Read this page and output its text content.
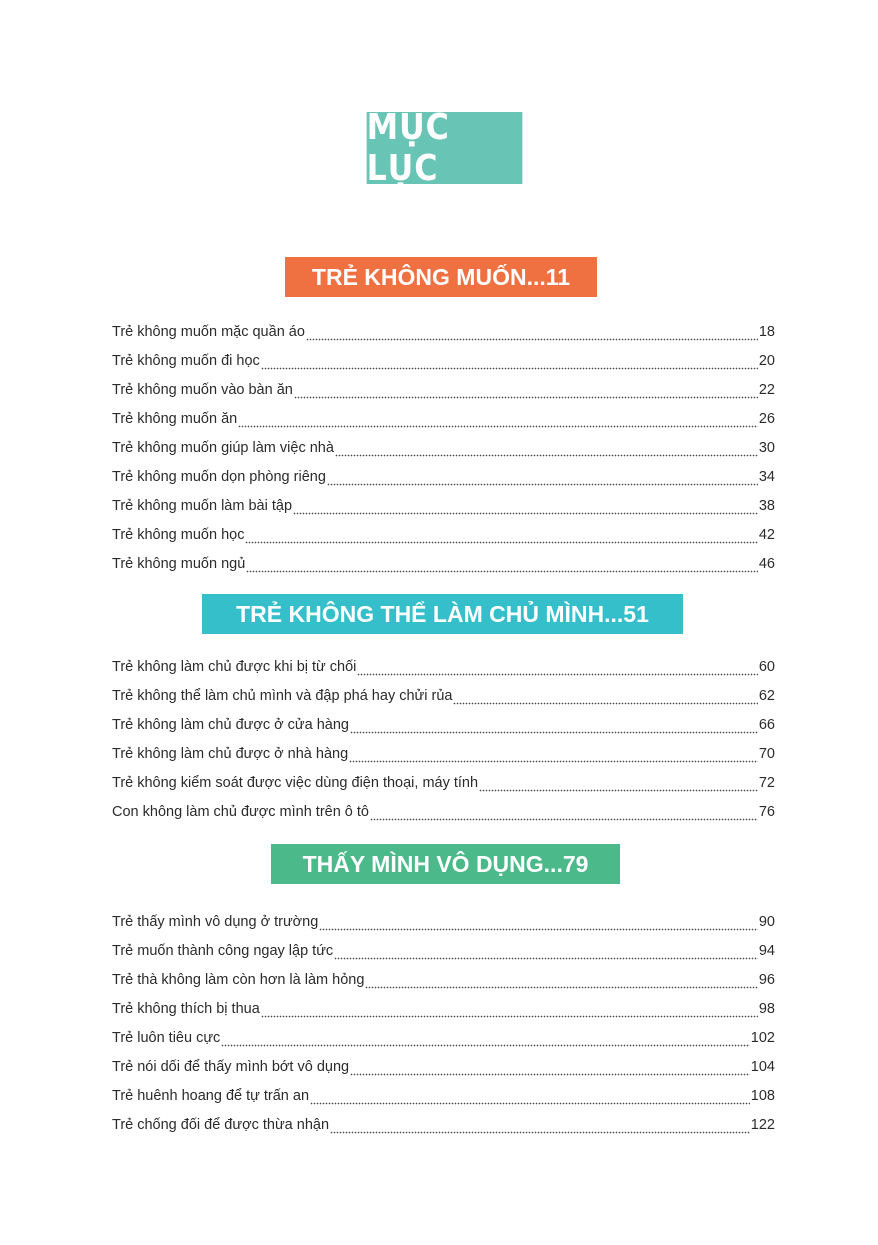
MỤC LỤC
TRẺ KHÔNG MUỐN...11
Trẻ không muốn mặc quần áo	18
Trẻ không muốn đi học	20
Trẻ không muốn vào bàn ăn	22
Trẻ không muốn ăn	26
Trẻ không muốn giúp làm việc nhà	30
Trẻ không muốn dọn phòng riêng	34
Trẻ không muốn làm bài tập	38
Trẻ không muốn học	42
Trẻ không muốn ngủ	46
TRẺ KHÔNG THỂ LÀM CHỦ MÌNH...51
Trẻ không làm chủ được khi bị từ chối	60
Trẻ không thể làm chủ mình và đập phá hay chửi rủa	62
Trẻ không làm chủ được ở cửa hàng	66
Trẻ không làm chủ được ở nhà hàng	70
Trẻ không kiểm soát được việc dùng điện thoại, máy tính	72
Con không làm chủ được mình trên ô tô	76
THẤY MÌNH VÔ DỤNG...79
Trẻ thấy mình vô dụng ở trường	90
Trẻ muốn thành công ngay lập tức	94
Trẻ thà không làm còn hơn là làm hỏng	96
Trẻ không thích bị thua	98
Trẻ luôn tiêu cực	102
Trẻ nói dối để thấy mình bớt vô dụng	104
Trẻ huênh hoang để tự trấn an	108
Trẻ chống đối để được thừa nhận	122
